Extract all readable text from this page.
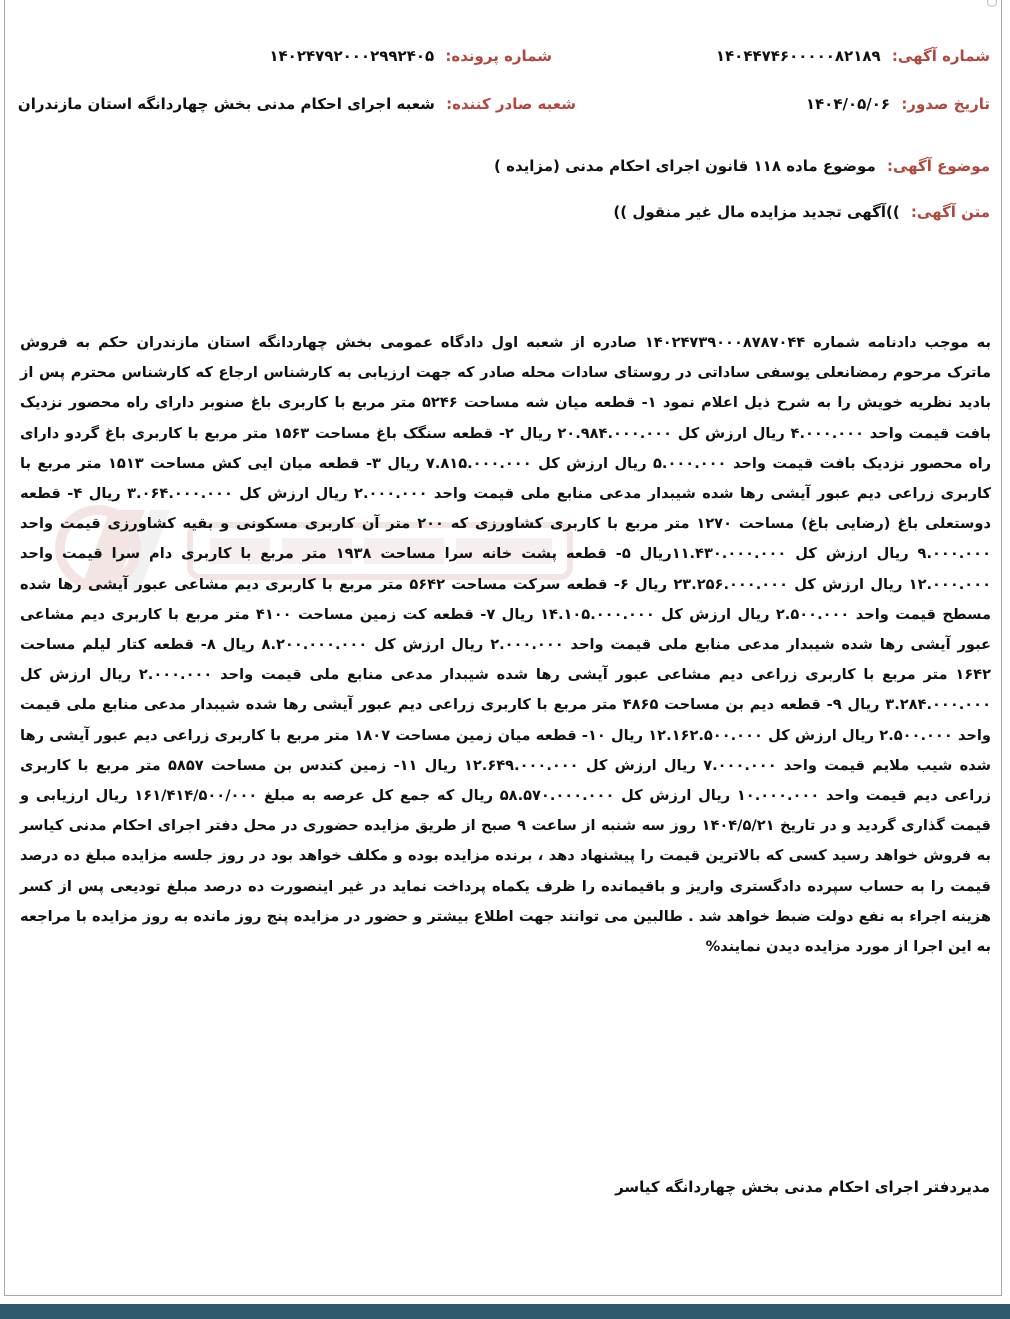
شماره آگهی: ۱۴۰۴۴۷۴۶۰۰۰۰۰۸۲۱۸۹
شماره پرونده: ۱۴۰۲۴۷۹۲۰۰۰۲۹۹۲۴۰۵
تاریخ صدور: ۱۴۰۴/۰۵/۰۶
شعبه صادر کننده: شعبه اجرای احکام مدنی بخش چهاردانگه استان مازندران
موضوع آگهی: موضوع ماده ۱۱۸ قانون اجرای احکام مدنی (مزایده )
متن آگهی: ))آگهی تجدید مزایده مال غیر منقول ))
به موجب دادنامه شماره ۱۴۰۲۴۷۳۹۰۰۰۸۷۸۷۰۴۴ صادره از شعبه اول دادگاه عمومی بخش چهاردانگه استان مازندران حکم به فروش ماترک مرحوم رمضانعلی یوسفی ساداتی در روستای سادات محله صادر که جهت ارزیابی به کارشناس ارجاع که کارشناس محترم پس از بادید نظریه خویش را به شرح ذیل اعلام نمود ۱- قطعه میان شه مساحت ۵۲۴۶ متر مربع با کاربری باغ صنوبر دارای راه محصور نزدیک بافت قیمت واحد ۴.۰۰۰.۰۰۰ ریال ارزش کل ۲۰.۹۸۴.۰۰۰.۰۰۰ ریال ۲- قطعه سنگک باغ مساحت ۱۵۶۳ متر مربع با کاربری باغ گردو دارای راه محصور نزدیک بافت قیمت واحد ۵.۰۰۰.۰۰۰ ریال ارزش کل ۷.۸۱۵.۰۰۰.۰۰۰ ریال ۳- قطعه میان ایی کش مساحت ۱۵۱۳ متر مربع با کاربری زراعی دیم عبور آیشی رها شده شیبدار مدعی منابع ملی قیمت واحد ۲.۰۰۰.۰۰۰ ریال ارزش کل ۳.۰۶۴.۰۰۰.۰۰۰ ریال ۴- قطعه دوستعلی باغ (رضایی باغ) مساحت ۱۲۷۰ متر مربع با کاربری کشاورزی که ۲۰۰ متر آن کاربری مسکونی و بقیه کشاورزی قیمت واحد ۹.۰۰۰.۰۰۰ ریال ارزش کل ۱۱.۴۳۰.۰۰۰.۰۰۰ریال ۵- قطعه پشت خانه سرا مساحت ۱۹۳۸ متر مربع با کاربری دام سرا قیمت واحد ۱۲.۰۰۰.۰۰۰ ریال ارزش کل ۲۳.۲۵۶.۰۰۰.۰۰۰ ریال ۶- قطعه سرکت مساحت ۵۶۴۲ متر مربع با کاربری دیم مشاعی عبور آیشی رها شده مسطح قیمت واحد ۲.۵۰۰.۰۰۰ ریال ارزش کل ۱۴.۱۰۵.۰۰۰.۰۰۰ ریال ۷- قطعه کت زمین مساحت ۴۱۰۰ متر مربع با کاربری دیم مشاعی عبور آیشی رها شده شیبدار مدعی منابع ملی قیمت واحد ۲.۰۰۰.۰۰۰ ریال ارزش کل ۸.۲۰۰.۰۰۰.۰۰۰ ریال ۸- قطعه کتار لیلم مساحت ۱۶۴۲ متر مربع با کاربری زراعی دیم مشاعی عبور آیشی رها شده شیبدار مدعی منابع ملی قیمت واحد ۲.۰۰۰.۰۰۰ ریال ارزش کل ۳.۲۸۴.۰۰۰.۰۰۰ ریال ۹- قطعه دیم بن مساحت ۴۸۶۵ متر مربع با کاربری زراعی دیم عبور آیشی رها شده شیبدار مدعی منابع ملی قیمت واحد ۲.۵۰۰.۰۰۰ ریال ارزش کل ۱۲.۱۶۲.۵۰۰.۰۰۰ ریال ۱۰- قطعه میان زمین مساحت ۱۸۰۷ متر مربع با کاربری زراعی دیم عبور آیشی رها شده شیب ملایم قیمت واحد ۷.۰۰۰.۰۰۰ ریال ارزش کل ۱۲.۶۴۹.۰۰۰.۰۰۰ ریال ۱۱- زمین کندس بن مساحت ۵۸۵۷ متر مربع با کاربری زراعی دیم قیمت واحد ۱۰.۰۰۰.۰۰۰ ریال ارزش کل ۵۸.۵۷۰.۰۰۰.۰۰۰ ریال که جمع کل عرصه به مبلغ ۱۶۱/۴۱۴/۵۰۰/۰۰۰ ریال ارزیابی و قیمت گذاری گردید و در تاریخ ۱۴۰۴/۵/۲۱ روز سه شنبه از ساعت ۹ صبح از طریق مزایده حضوری در محل دفتر اجرای احکام مدنی کیاسر به فروش خواهد رسید کسی که بالاترین قیمت را پیشنهاد دهد ، برنده مزایده بوده و مکلف خواهد بود در روز جلسه مزایده مبلغ ده درصد قیمت را به حساب سپرده دادگستری واریز و باقیمانده را ظرف یکماه پرداخت نماید در غیر اینصورت ده درصد مبلغ تودیعی پس از کسر هزینه اجراء به نفع دولت ضبط خواهد شد . طالبین می توانند جهت اطلاع بیشتر و حضور در مزایده پنج روز مانده به روز مزایده با مراجعه به این اجرا از مورد مزایده دیدن نمایند%
مدیردفتر اجرای احکام مدنی بخش چهاردانگه کیاسر
